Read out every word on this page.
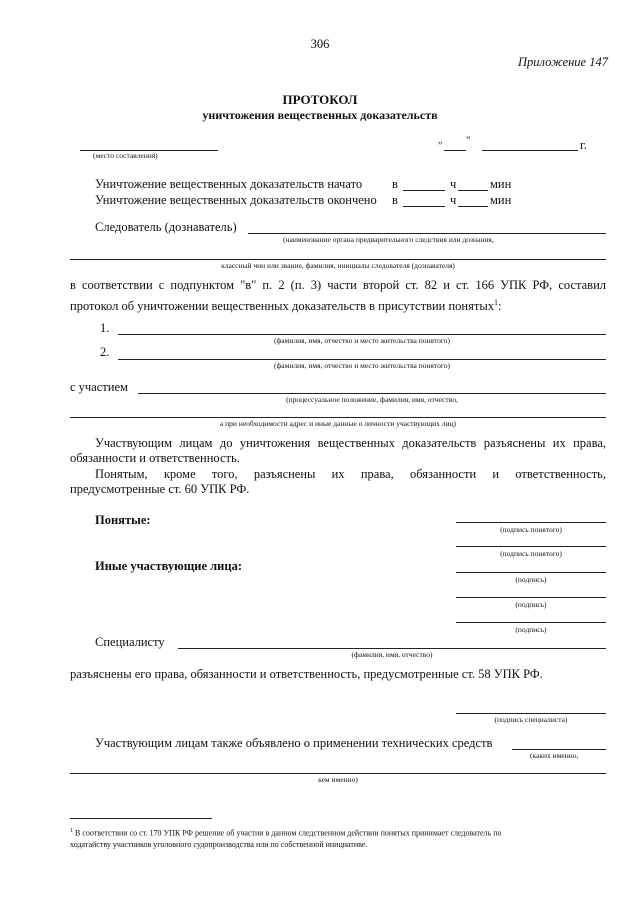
306
Приложение 147
ПРОТОКОЛ
уничтожения вещественных доказательств
(место составления)
„	”	г.
Уничтожение вещественных доказательств начато в	ч	мин
Уничтожение вещественных доказательств окончено в	ч	мин
Следователь (дознаватель)
(наименование органа предварительного следствия или дознания,
классный чин или звание, фамилия, инициалы следователя (дознавателя)
в соответствии с подпунктом "в" п. 2 (п. 3) части второй ст. 82 и ст. 166 УПК РФ, составил
протокол об уничтожении вещественных доказательств в присутствии понятых$^1$:
1.
(фамилия, имя, отчество и место жительства понятого)
2.
(фамилия, имя, отчество и место жительства понятого)
с участием
(процессуальное положение, фамилия, имя, отчество,
а при необходимости адрес и иные данные о личности участвующих лиц)
Участвующим лицам до уничтожения вещественных доказательств разъяснены их права,
обязанности и ответственность.
Понятым, кроме того, разъяснены их права, обязанности и ответственность,
предусмотренные ст. 60 УПК РФ.
Понятые:
(подпись понятого)
(подпись понятого)
Иные участвующие лица:
(подпись)
(подпись)
(подпись)
Специалисту
(фамилия, имя, отчество)
разъяснены его права, обязанности и ответственность, предусмотренные ст. 58 УПК РФ.
(подпись специалиста)
Участвующим лицам также объявлено о применении технических средств
(каких именно,
кем именно)
$^1$ В соответствии со ст. 170 УПК РФ решение об участии в данном следственном действии понятых принимает следователь по
ходатайству участников уголовного судопроизводства или по собственной инициативе.
